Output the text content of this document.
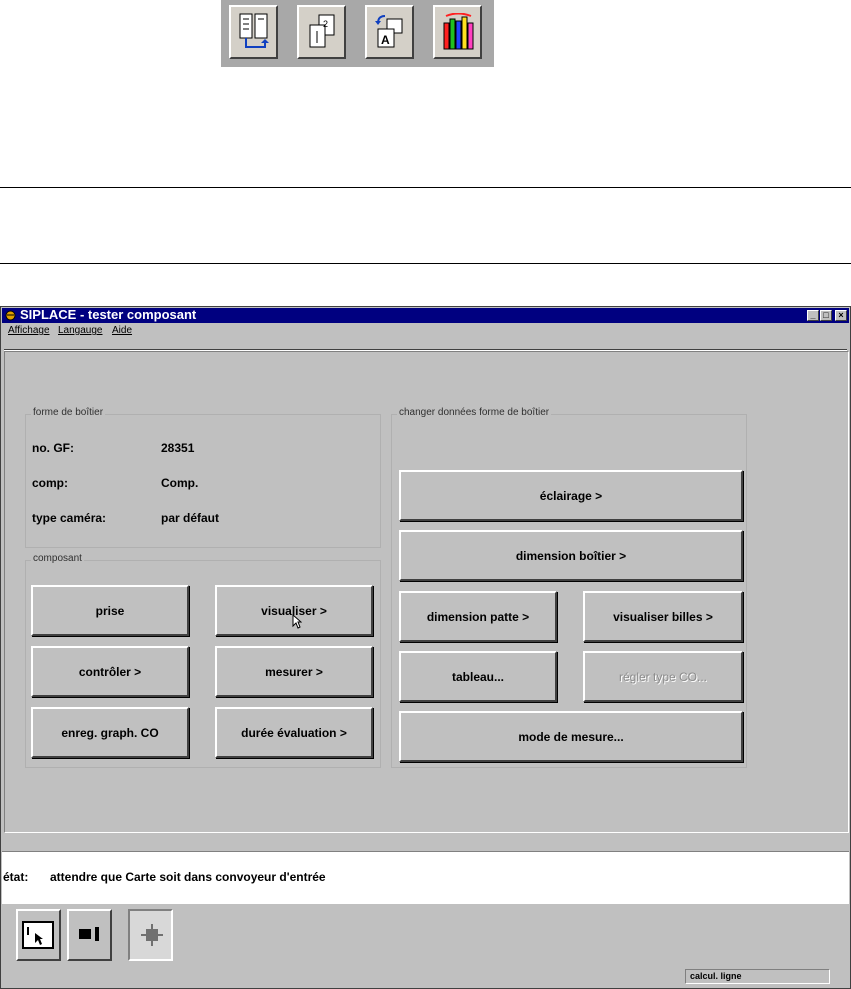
2
A
SIPLACE - tester composant	_ □	×
Affichage Langauge Aide
forme de boîtier
no. GF:	28351
comp:	Comp.
type caméra:	par défaut
composant
prise	visualiser >
contrôler >	mesurer >
enreg. graph. CO	durée évaluation >
changer données forme de boîtier
éclairage >
dimension boîtier >
dimension patte >	visualiser billes >
tableau...	régler type CO...
mode de mesure...
état: attendre que Carte soit dans convoyeur d'entrée
calcul. ligne
